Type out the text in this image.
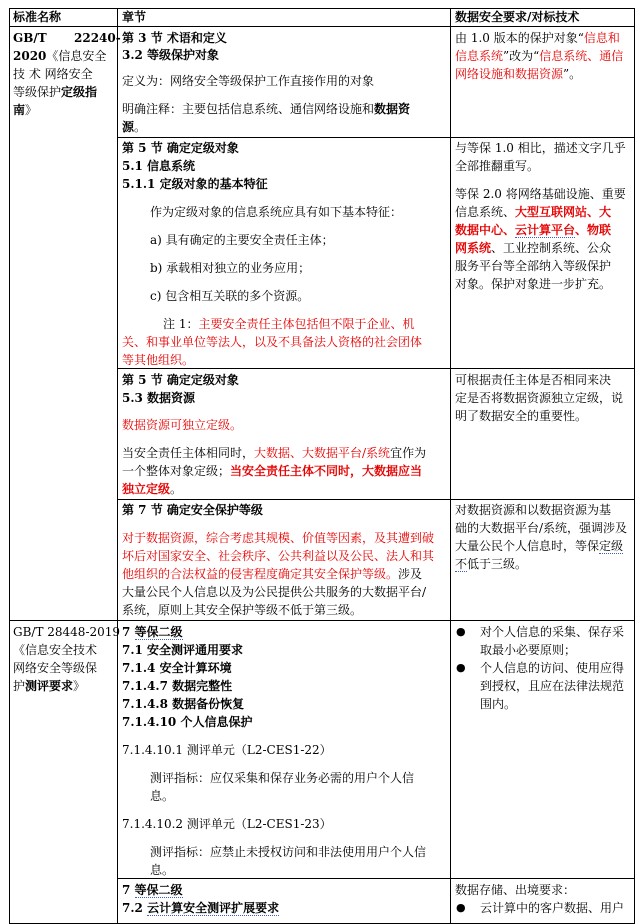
标准名称	章节	数据安全要求/对标技术
GB/T 22240-
2020《信息安全
技 术 网络安全
等级保护定级指
南》
第 3 节 术语和定义
3.2 等级保护对象
定义为：网络安全等级保护工作直接作用的对象
明确注释：主要包括信息系统、通信网络设施和数据资
源。
由 1.0 版本的保护对象“信息和
信息系统”改为“信息系统、通信
网络设施和数据资源”。
第 5 节 确定定级对象
5.1 信息系统
5.1.1 定级对象的基本特征
作为定级对象的信息系统应具有如下基本特征：
a) 具有确定的主要安全责任主体；
b) 承载相对独立的业务应用；
c) 包含相互关联的多个资源。
注 1：主要安全责任主体包括但不限于企业、机
关、和事业单位等法人，以及不具备法人资格的社会团体
等其他组织。
与等保 1.0 相比，描述文字几乎
全部推翻重写。
等保 2.0 将网络基础设施、重要
信息系统、大型互联网站、大
数据中心、云计算平台、物联
网系统、工业控制系统、公众
服务平台等全部纳入等级保护
对象。保护对象进一步扩充。
第 5 节 确定定级对象
5.3 数据资源
数据资源可独立定级。
当安全责任主体相同时，大数据、大数据平台/系统宜作为
一个整体对象定级；当安全责任主体不同时，大数据应当
独立定级。
可根据责任主体是否相同来决
定是否将数据资源独立定级，说
明了数据安全的重要性。
第 7 节 确定安全保护等级
对于数据资源，综合考虑其规模、价值等因素，及其遭到破
坏后对国家安全、社会秩序、公共利益以及公民、法人和其
他组织的合法权益的侵害程度确定其安全保护等级。涉及
大量公民个人信息以及为公民提供公共服务的大数据平台/
系统，原则上其安全保护等级不低于第三级。
对数据资源和以数据资源为基
础的大数据平台/系统，强调涉及
大量公民个人信息时，等保定级
不低于三级。
GB/T 28448-2019
《信息安全技术
网络安全等级保
护测评要求》
7 等保二级
7.1 安全测评通用要求
7.1.4 安全计算环境
7.1.4.7 数据完整性
7.1.4.8 数据备份恢复
7.1.4.10 个人信息保护
7.1.4.10.1 测评单元（L2-CES1-22）
测评指标：应仅采集和保存业务必需的用户个人信
息。
7.1.4.10.2 测评单元（L2-CES1-23）
测评指标：应禁止未授权访问和非法使用用户个人信
息。
● 对个人信息的采集、保存采
取最小必要原则；
● 个人信息的访问、使用应得
到授权，且应在法律法规范
围内。
7 等保二级
7.2 云计算安全测评扩展要求
数据存储、出境要求：
● 云计算中的客户数据、用户
